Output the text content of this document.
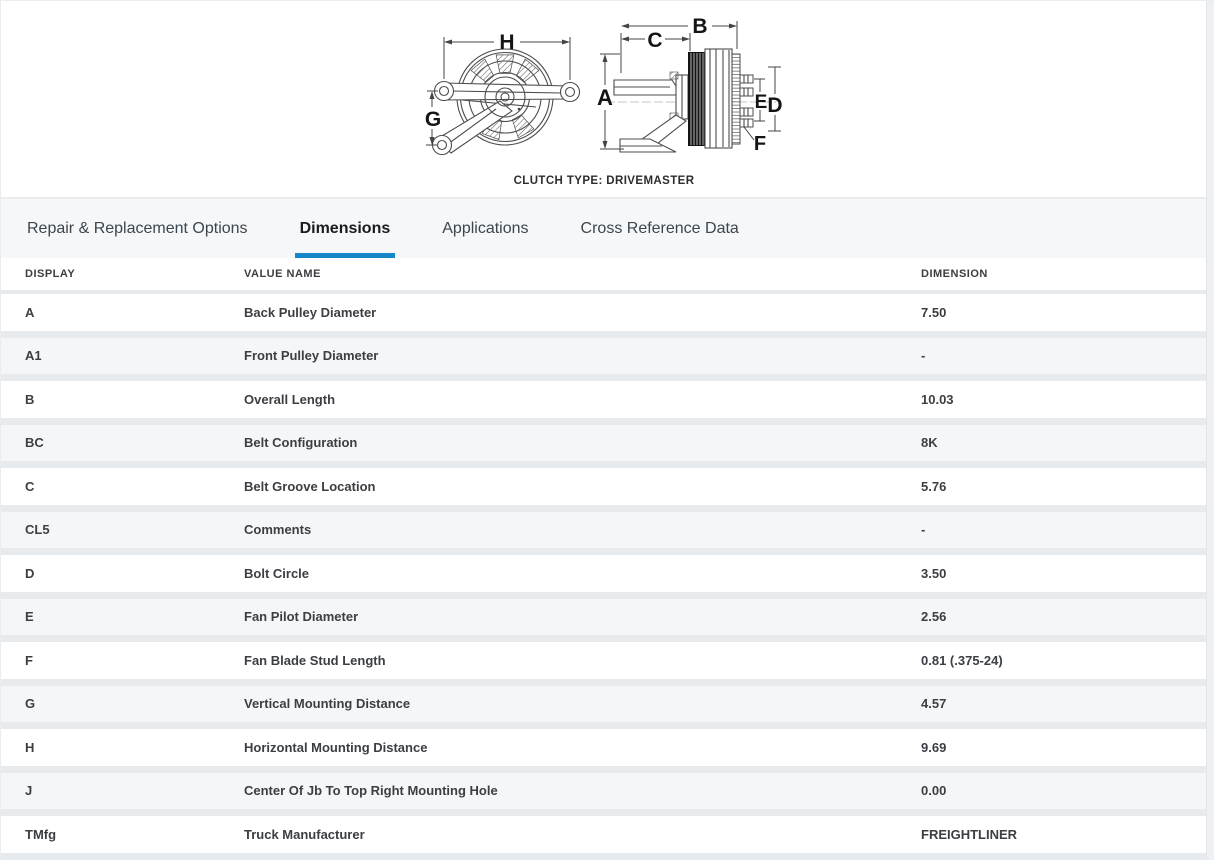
H
G
A
C
B
E D
F
CLUTCH TYPE: DRIVEMASTER
Repair & Replacement Options	Dimensions	Applications	Cross Reference Data
DISPLAY	VALUE NAME	DIMENSION
A	Back Pulley Diameter	7.50
A1	Front Pulley Diameter	-
B	Overall Length	10.03
BC	Belt Configuration	8K
C	Belt Groove Location	5.76
CL5	Comments	-
D	Bolt Circle	3.50
E	Fan Pilot Diameter	2.56
F	Fan Blade Stud Length	0.81 (.375-24)
G	Vertical Mounting Distance	4.57
H	Horizontal Mounting Distance	9.69
J	Center Of Jb To Top Right Mounting Hole	0.00
TMfg	Truck Manufacturer	FREIGHTLINER
